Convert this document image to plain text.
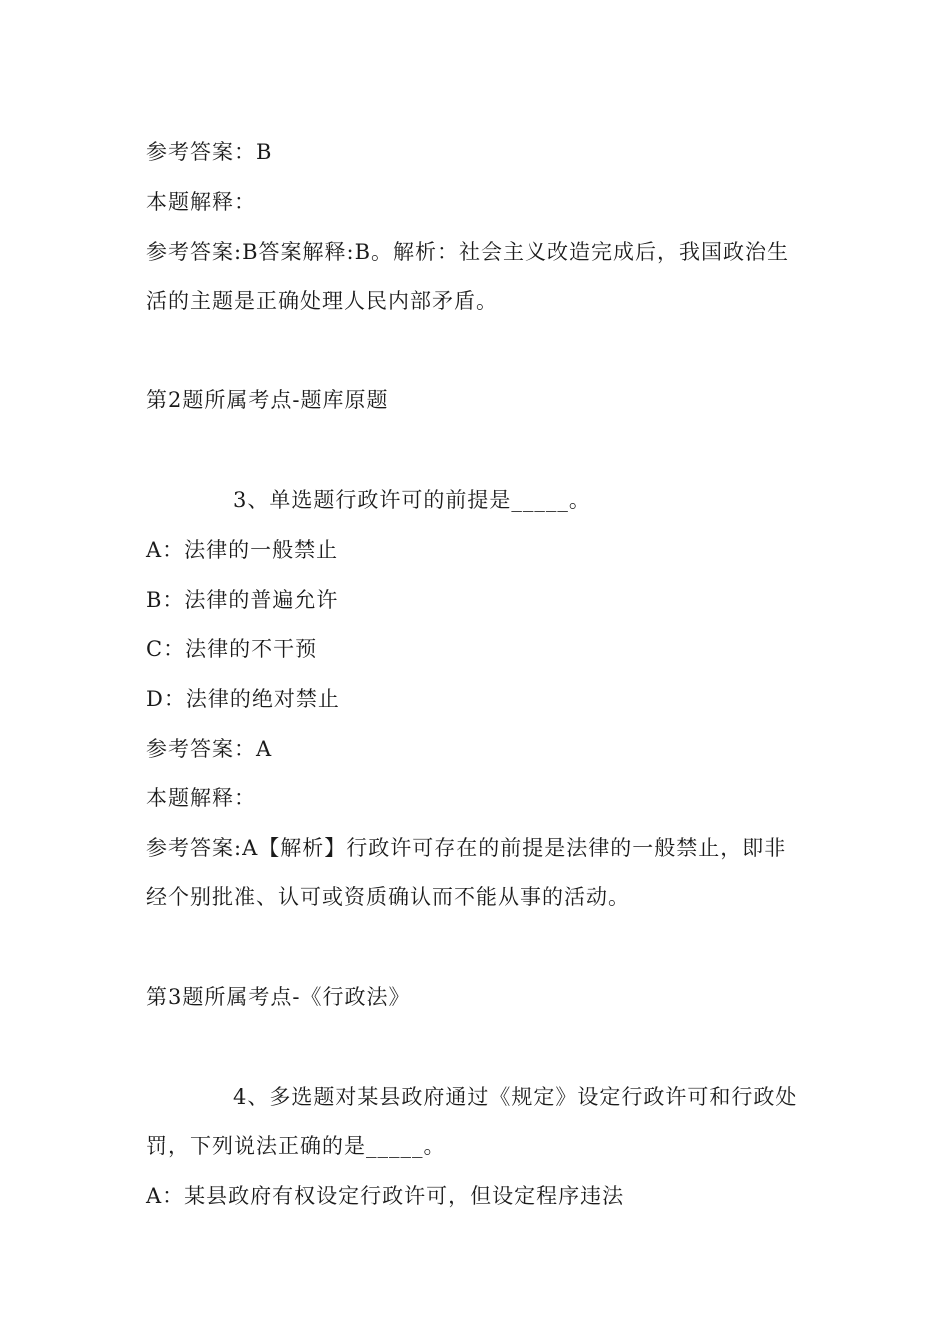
参考答案：B
本题解释：
参考答案:B答案解释:B。解析：社会主义改造完成后，我国政治生
活的主题是正确处理人民内部矛盾。
第2题所属考点-题库原题
3、单选题行政许可的前提是_____。
A：法律的一般禁止
B：法律的普遍允许
C：法律的不干预
D：法律的绝对禁止
参考答案：A
本题解释：
参考答案:A【解析】行政许可存在的前提是法律的一般禁止，即非
经个别批准、认可或资质确认而不能从事的活动。
第3题所属考点-《行政法》
4、多选题对某县政府通过《规定》设定行政许可和行政处
罚，下列说法正确的是_____。
A：某县政府有权设定行政许可，但设定程序违法
